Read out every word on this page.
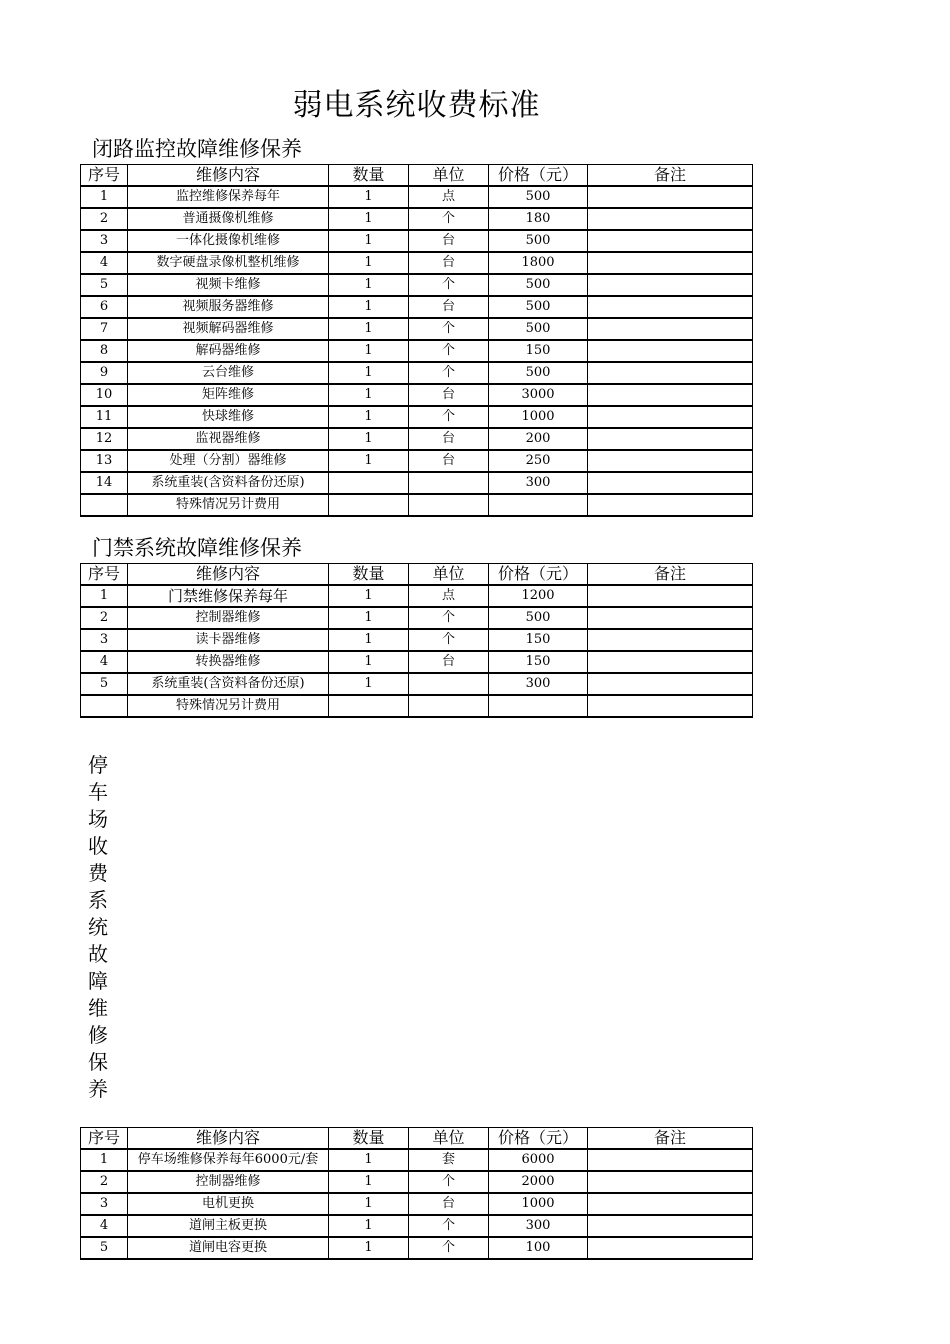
弱电系统收费标准
闭路监控故障维修保养
序号	维修内容	数量	单位	价格（元）	备注
1	监控维修保养每年	1	点	500	
2	普通摄像机维修	1	个	180	
3	一体化摄像机维修	1	台	500	
4	数字硬盘录像机整机维修	1	台	1800	
5	视频卡维修	1	个	500	
6	视频服务器维修	1	台	500	
7	视频解码器维修	1	个	500	
8	解码器维修	1	个	150	
9	云台维修	1	个	500	
10	矩阵维修	1	台	3000	
11	快球维修	1	个	1000	
12	监视器维修	1	台	200	
13	处理（分割）器维修	1	台	250	
14	系统重装(含资料备份还原)			300	
	特殊情况另计费用				
门禁系统故障维修保养
序号	维修内容	数量	单位	价格（元）	备注
1	门禁维修保养每年	1	点	1200	
2	控制器维修	1	个	500	
3	读卡器维修	1	个	150	
4	转换器维修	1	台	150	
5	系统重装(含资料备份还原)	1		300	
	特殊情况另计费用				
停
车
场
收
费
系
统
故
障
维
修
保
养
序号	维修内容	数量	单位	价格（元）	备注
1	停车场维修保养每年6000元/套	1	套	6000	
2	控制器维修	1	个	2000	
3	电机更换	1	台	1000	
4	道闸主板更换	1	个	300	
5	道闸电容更换	1	个	100	
